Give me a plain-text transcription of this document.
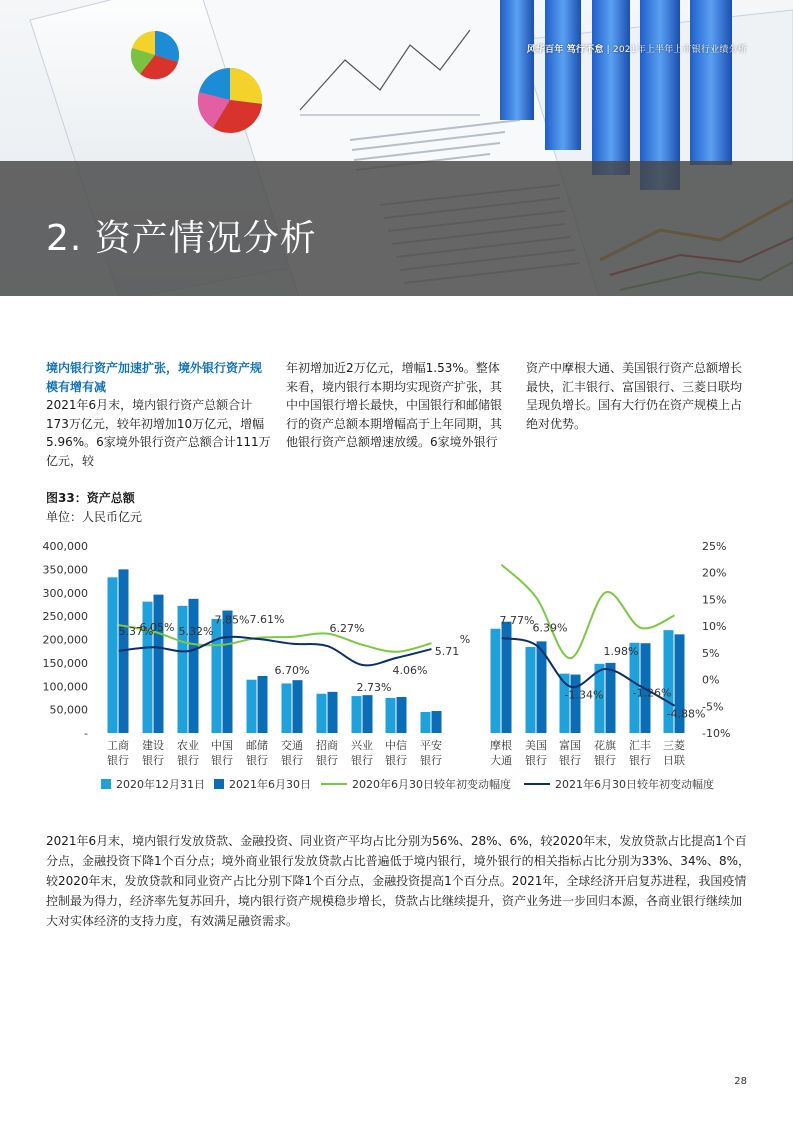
风华百年 笃行不怠 | 2021年上半年上市银行业绩分析
2. 资产情况分析
境内银行资产加速扩张，境外银行资产规模有增有减
2021年6月末，境内银行资产总额合计173万亿元，较年初增加10万亿元，增幅5.96%。6家境外银行资产总额合计111万亿元，较
年初增加近2万亿元，增幅1.53%。整体来看，境内银行本期均实现资产扩张，其中中国银行增长最快，中国银行和邮储银行的资产总额本期增幅高于上年同期，其他银行资产总额增速放缓。6家境外银行
资产中摩根大通、美国银行资产总额增长最快，汇丰银行、富国银行、三菱日联均呈现负增长。国有大行仍在资产规模上占绝对优势。
图33：资产总额
单位：人民币亿元
-
50,000
100,000
150,000
200,000
250,000
300,000
350,000
400,000
-10%
-5%
0%
5%
10%
15%
20%
25%
5.37%
6.05% 5.32%
7.85% 7.61%
6.70%
6.27%
2.73%
4.06%
5.71
7.77%
6.39%
-1.34%
1.98%
-1.26%
-4.88%
%
工商
银行
建设
银行
农业
银行
中国
银行
邮储
银行
交通
银行
招商
银行
兴业
银行
中信
银行
平安
银行
摩根
大通
美国
银行
富国
银行
花旗
银行
汇丰
银行
三菱
日联
2020年12月31日 2021年6月30日	2020年6月30日较年初变动幅度	2021年6月30日较年初变动幅度
2021年6月末，境内银行发放贷款、金融投资、同业资产平均占比分别为56%、28%、6%，较2020年末，发放贷款占比提高1个百分点，金融投资下降1个百分点；境外商业银行发放贷款占比普遍低于境内银行，境外银行的相关指标占比分别为33%、34%、8%，较2020年末，发放贷款和同业资产占比分别下降1个百分点，金融投资提高1个百分点。2021年，全球经济开启复苏进程，我国疫情控制最为得力，经济率先复苏回升，境内银行资产规模稳步增长，贷款占比继续提升，资产业务进一步回归本源，各商业银行继续加大对实体经济的支持力度，有效满足融资需求。
28
